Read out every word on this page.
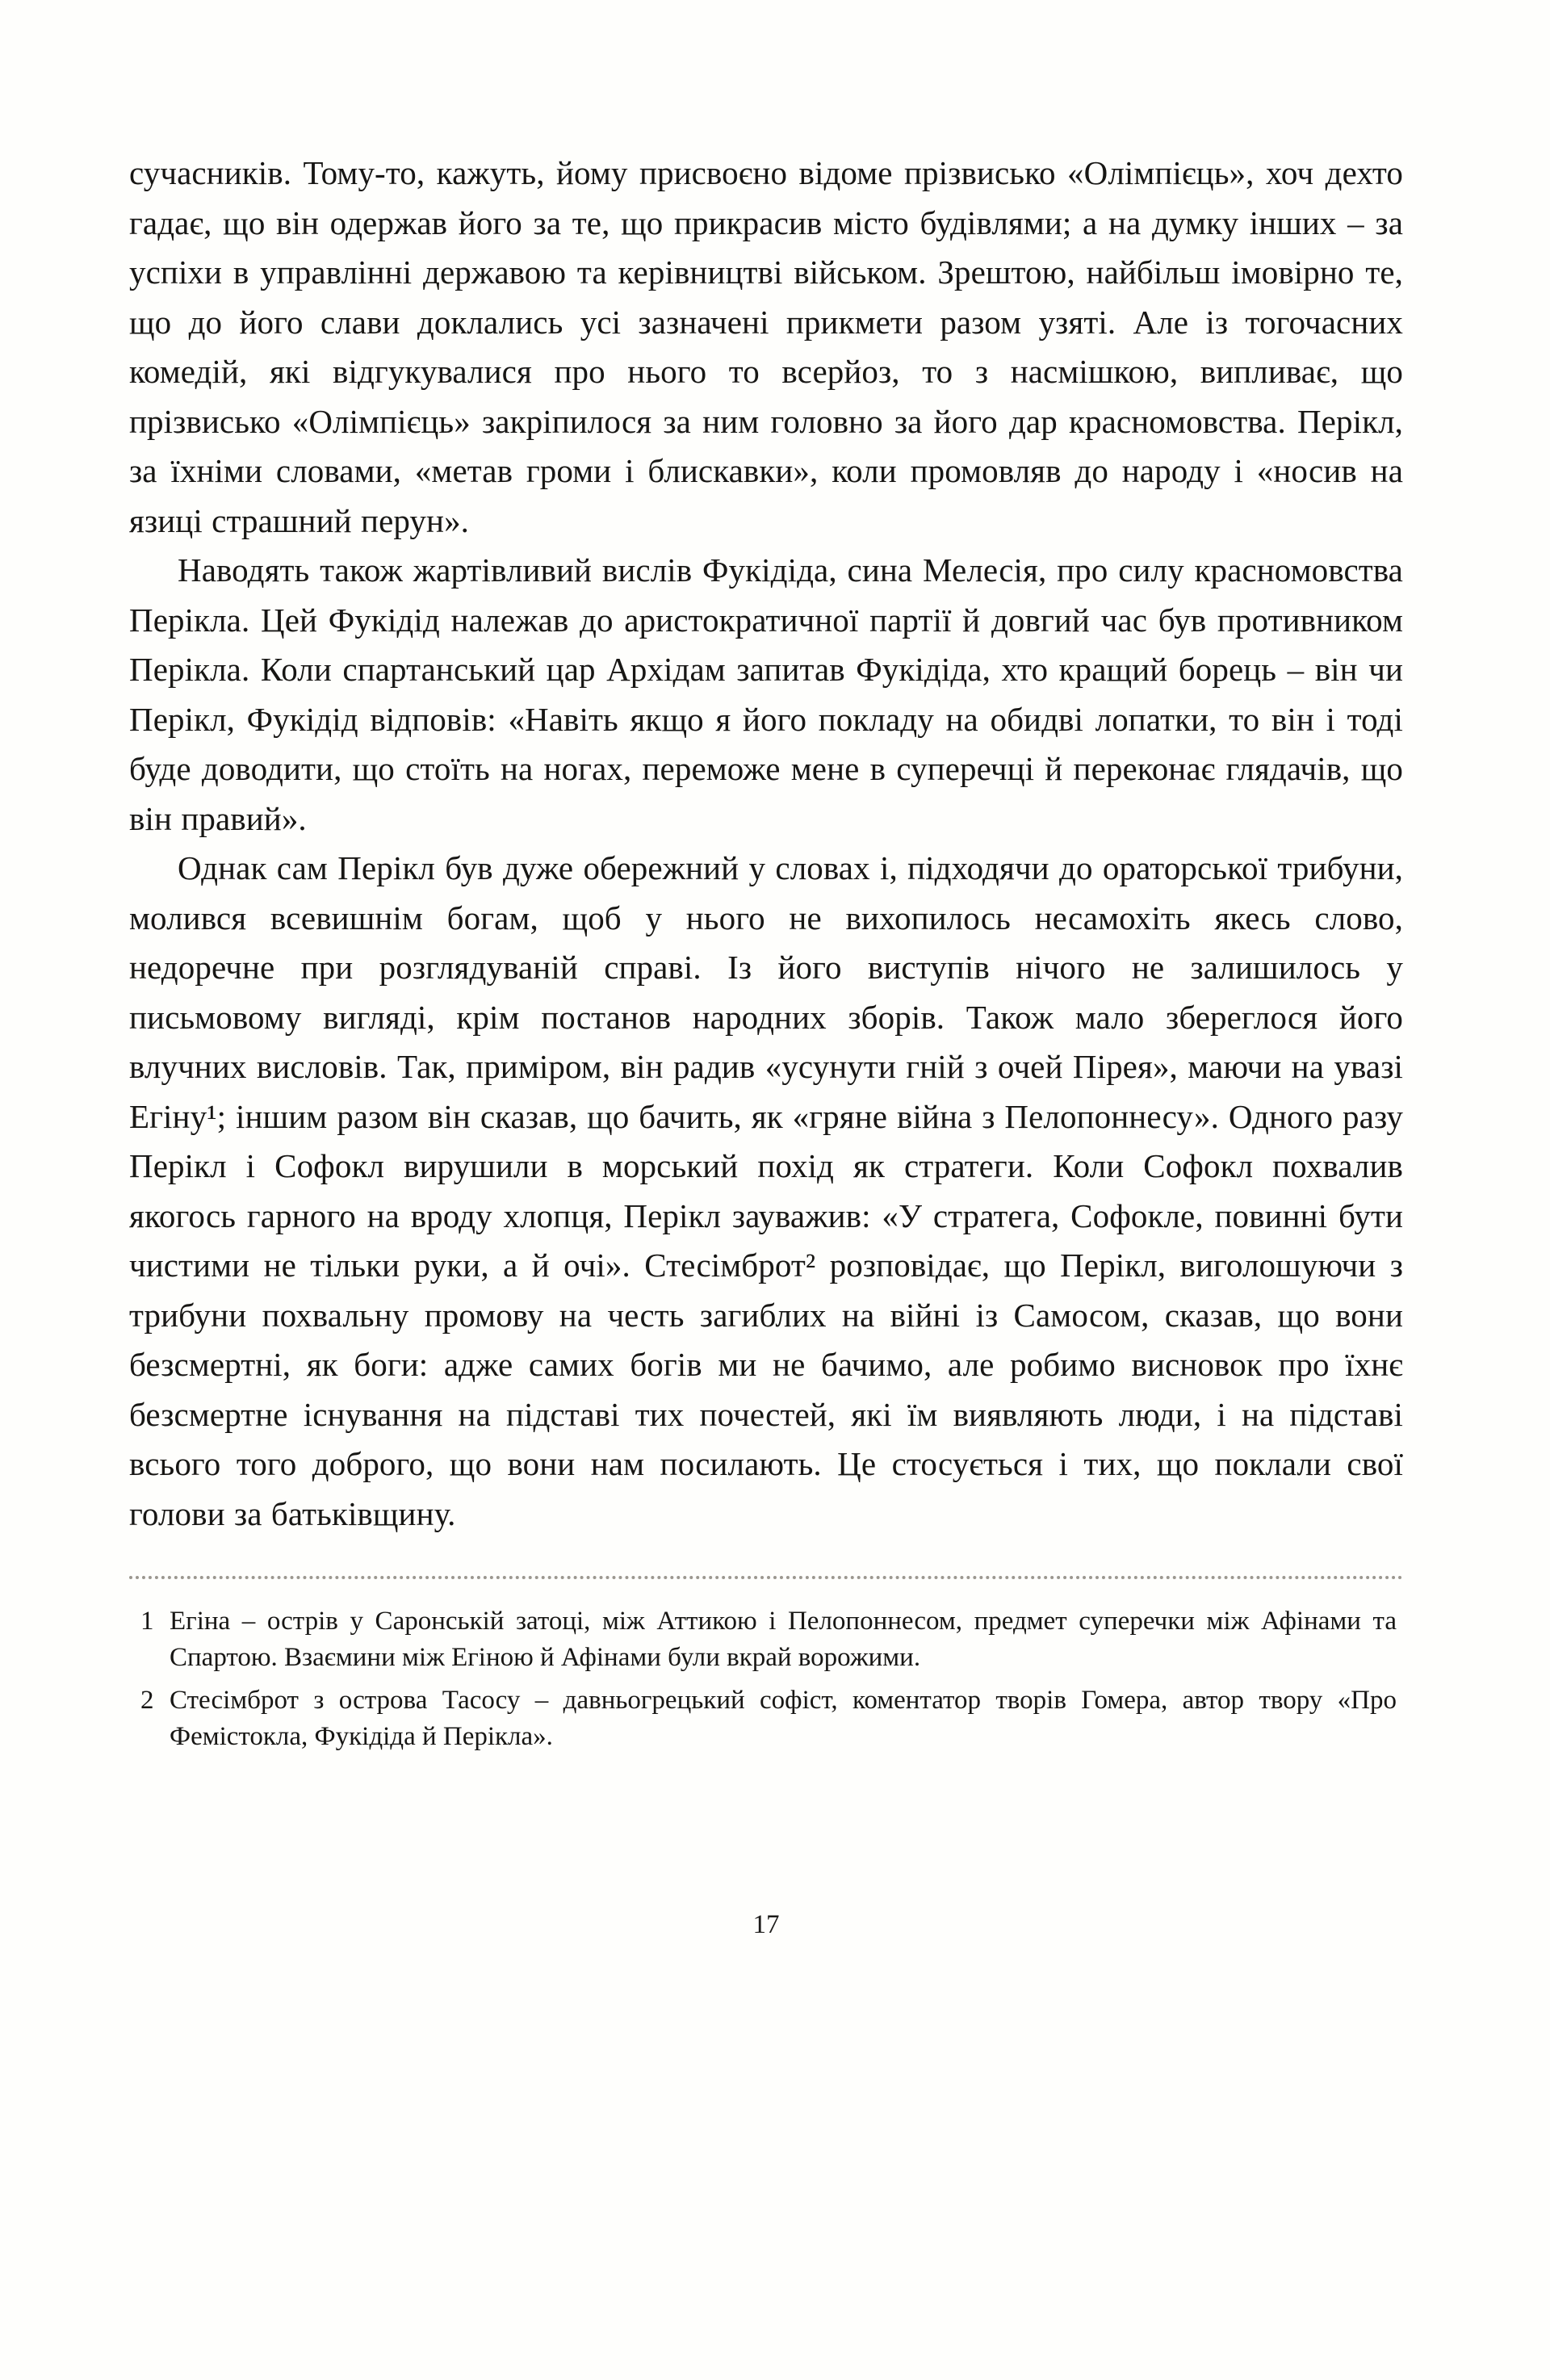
сучасників. Тому-то, кажуть, йому присвоєно відоме прізвисько «Олімпієць», хоч дехто гадає, що він одержав його за те, що прикрасив місто будівлями; а на думку інших – за успіхи в управлінні державою та керівництві військом. Зрештою, найбільш імовірно те, що до його слави доклались усі зазначені прикмети разом узяті. Але із тогочасних комедій, які відгукувалися про нього то всерйоз, то з насмішкою, випливає, що прізвисько «Олімпієць» закріпилося за ним головно за його дар красномовства. Перікл, за їхніми словами, «метав громи і блискавки», коли промовляв до народу і «носив на язиці страшний перун».

Наводять також жартівливий вислів Фукідіда, сина Мелесія, про силу красномовства Перікла. Цей Фукідід належав до аристократичної партії й довгий час був противником Перікла. Коли спартанський цар Архідам запитав Фукідіда, хто кращий борець – він чи Перікл, Фукідід відповів: «Навіть якщо я його покладу на обидві лопатки, то він і тоді буде доводити, що стоїть на ногах, переможе мене в суперечці й переконає глядачів, що він правий».

Однак сам Перікл був дуже обережний у словах і, підходячи до ораторської трибуни, молився всевишнім богам, щоб у нього не вихопилось несамохіть якесь слово, недоречне при розглядуваній справі. Із його виступів нічого не залишилось у письмовому вигляді, крім постанов народних зборів. Також мало збереглося його влучних висловів. Так, приміром, він радив «усунути гній з очей Пірея», маючи на увазі Егіну¹; іншим разом він сказав, що бачить, як «гряне війна з Пелопоннесу». Одного разу Перікл і Софокл вирушили в морський похід як стратеги. Коли Софокл похвалив якогось гарного на вроду хлопця, Перікл зауважив: «У стратега, Софокле, повинні бути чистими не тільки руки, а й очі». Стесімброт² розповідає, що Перікл, виголошуючи з трибуни похвальну промову на честь загиблих на війні із Самосом, сказав, що вони безсмертні, як боги: адже самих богів ми не бачимо, але робимо висновок про їхнє безсмертне існування на підставі тих почестей, які їм виявляють люди, і на підставі всього того доброго, що вони нам посилають. Це стосується і тих, що поклали свої голови за батьківщину.

1 Егіна – острів у Саронській затоці, між Аттикою і Пелопоннесом, предмет суперечки між Афінами та Спартою. Взаємини між Егіною й Афінами були вкрай ворожими.
2 Стесімброт з острова Тасосу – давньогрецький софіст, коментатор творів Гомера, автор твору «Про Фемістокла, Фукідіда й Перікла».
17
